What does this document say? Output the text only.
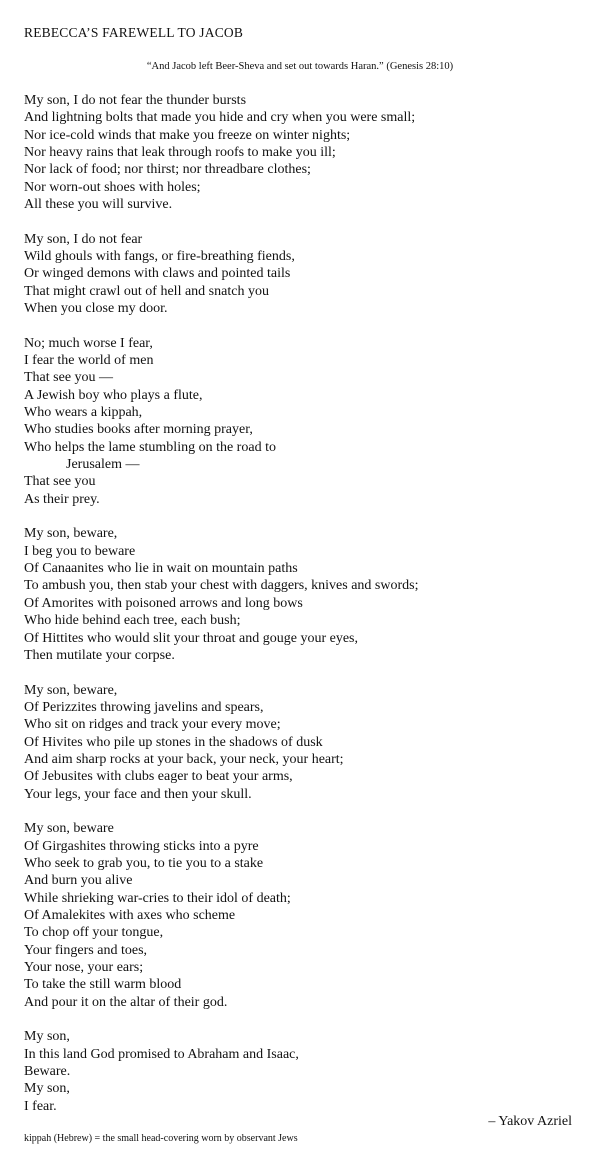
REBECCA’S FAREWELL TO JACOB
“And Jacob left Beer-Sheva and set out towards Haran.” (Genesis 28:10)
My son, I do not fear the thunder bursts
And lightning bolts that made you hide and cry when you were small;
Nor ice-cold winds that make you freeze on winter nights;
Nor heavy rains that leak through roofs to make you ill;
Nor lack of food; nor thirst; nor threadbare clothes;
Nor worn-out shoes with holes;
All these you will survive.
My son, I do not fear
Wild ghouls with fangs, or fire-breathing fiends,
Or winged demons with claws and pointed tails
That might crawl out of hell and snatch you
When you close my door.
No; much worse I fear,
I fear the world of men
That see you —
A Jewish boy who plays a flute,
Who wears a kippah,
Who studies books after morning prayer,
Who helps the lame stumbling on the road to
Jerusalem —
That see you
As their prey.
My son, beware,
I beg you to beware
Of Canaanites who lie in wait on mountain paths
To ambush you, then stab your chest with daggers, knives and swords;
Of Amorites with poisoned arrows and long bows
Who hide behind each tree, each bush;
Of Hittites who would slit your throat and gouge your eyes,
Then mutilate your corpse.
My son, beware,
Of Perizzites throwing javelins and spears,
Who sit on ridges and track your every move;
Of Hivites who pile up stones in the shadows of dusk
And aim sharp rocks at your back, your neck, your heart;
Of Jebusites with clubs eager to beat your arms,
Your legs, your face and then your skull.
My son, beware
Of Girgashites throwing sticks into a pyre
Who seek to grab you, to tie you to a stake
And burn you alive
While shrieking war-cries to their idol of death;
Of Amalekites with axes who scheme
To chop off your tongue,
Your fingers and toes,
Your nose, your ears;
To take the still warm blood
And pour it on the altar of their god.
My son,
In this land God promised to Abraham and Isaac,
Beware.
My son,
I fear.
– Yakov Azriel
kippah (Hebrew) = the small head-covering worn by observant Jews
